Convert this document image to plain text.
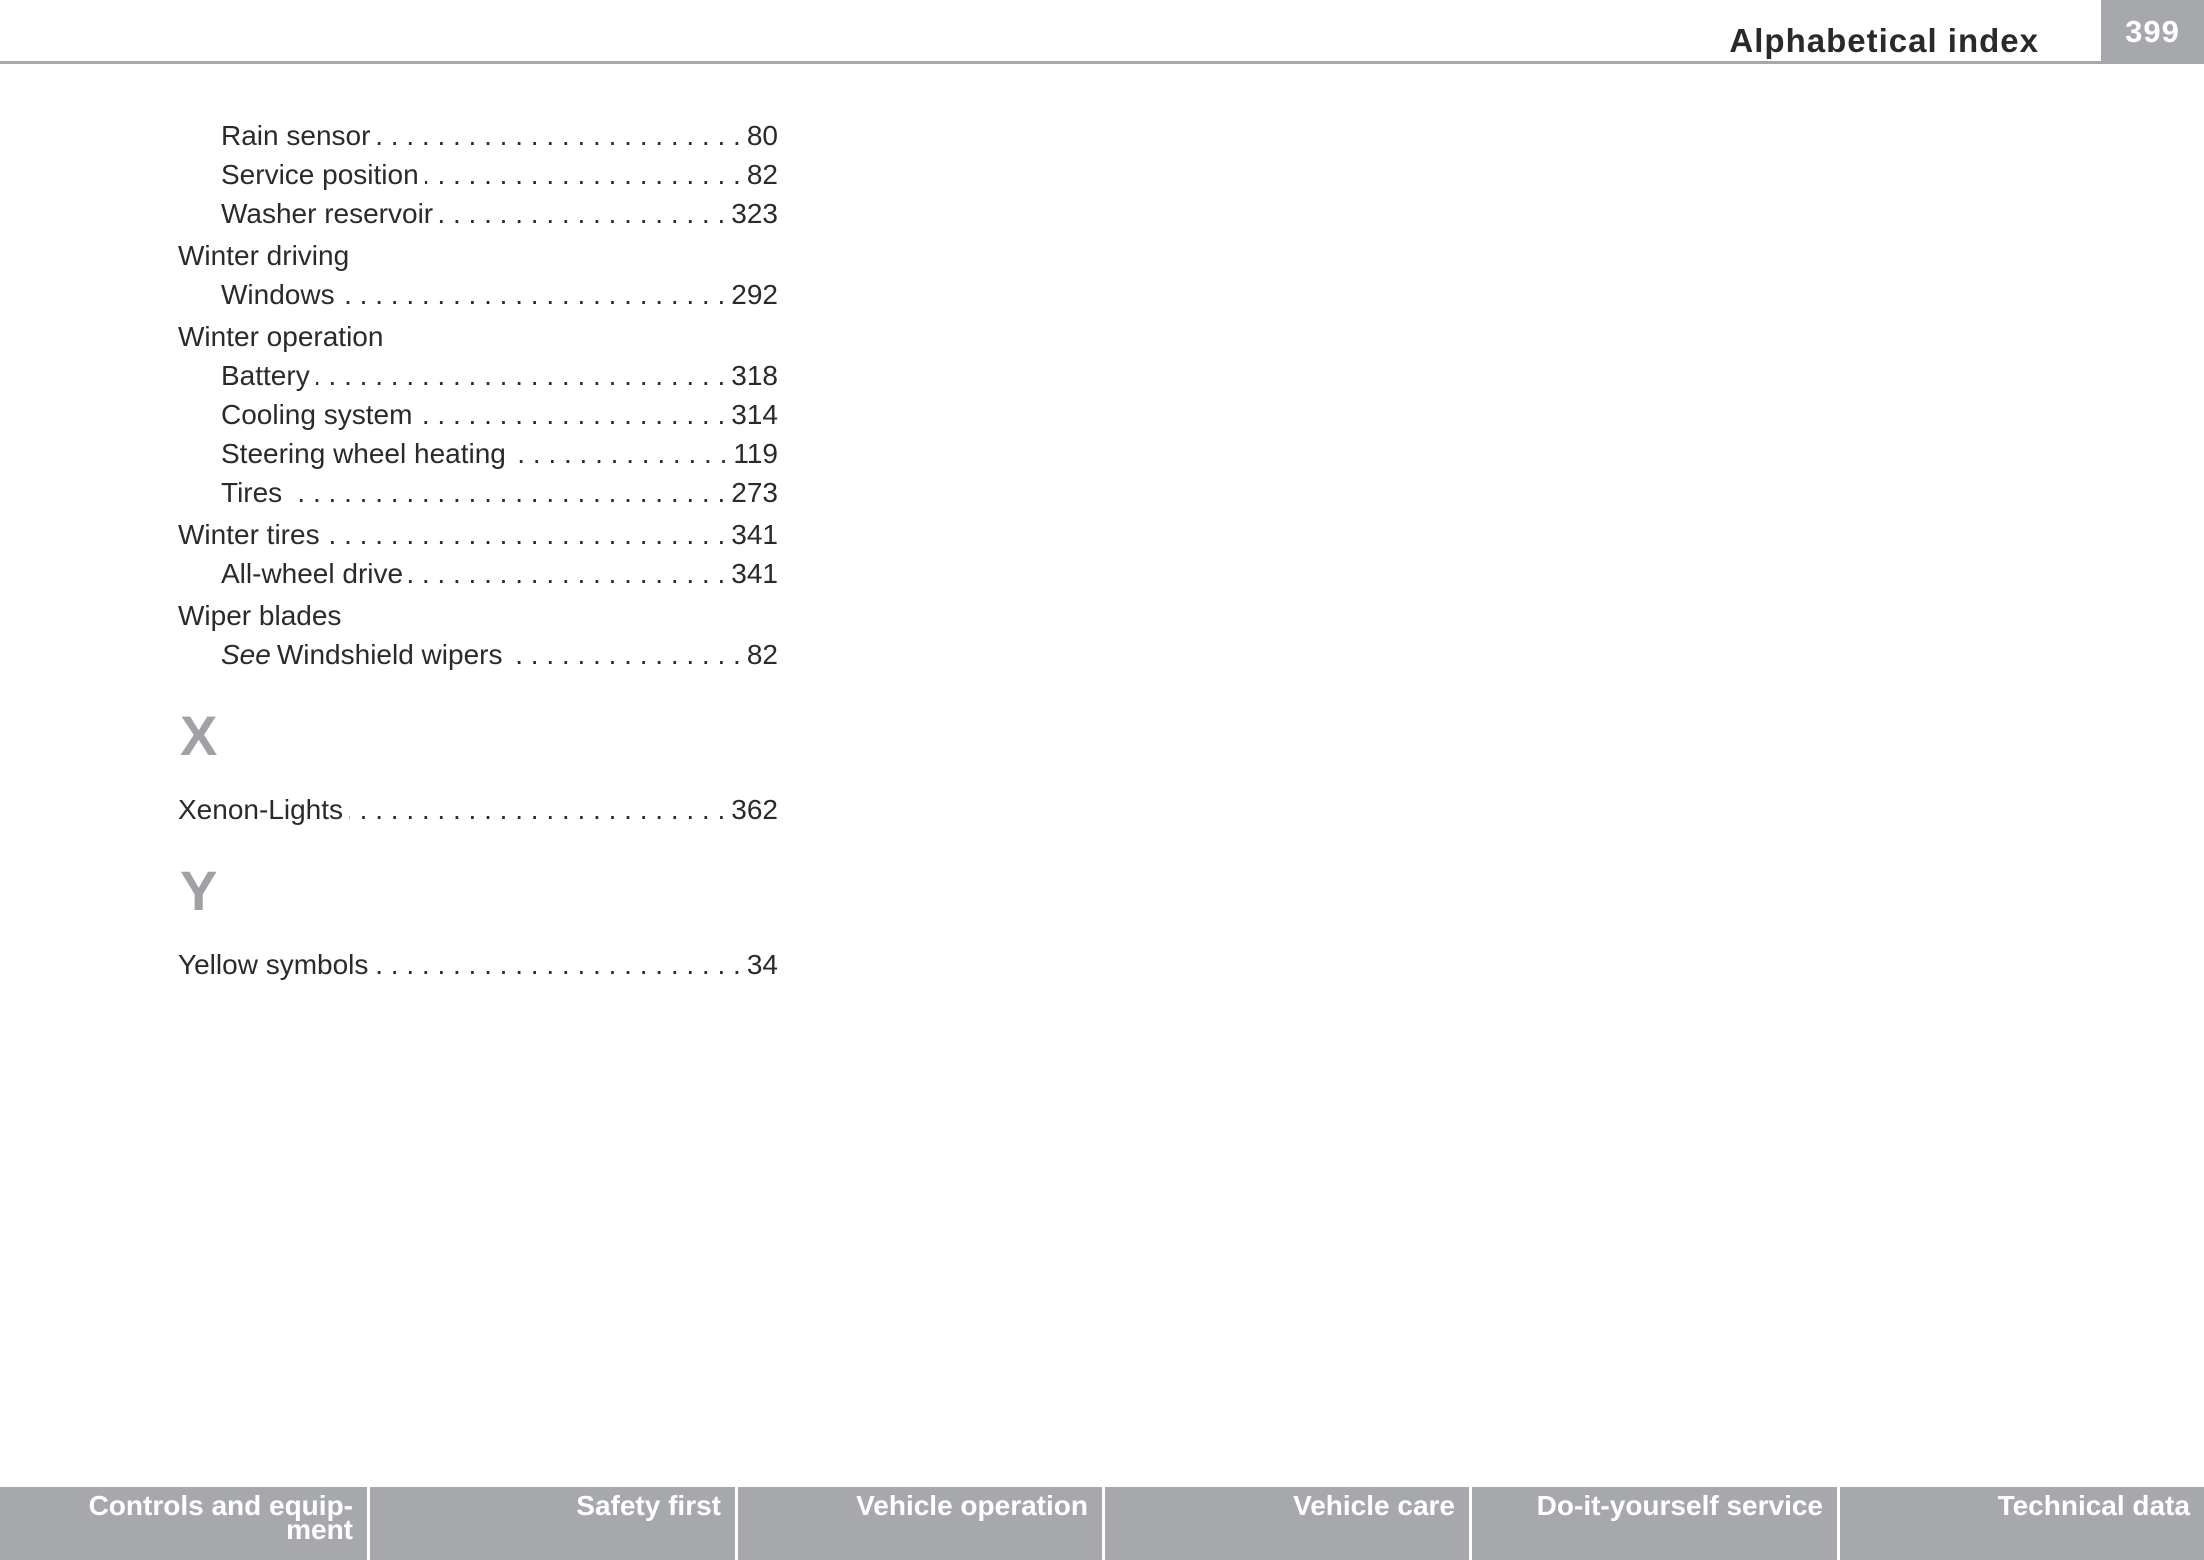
Alphabetical index	399
Rain sensor . . .	80
Service position . . .	82
Washer reservoir . . .	323
Winter driving
Windows . . .	292
Winter operation
Battery . . .	318
Cooling system . . .	314
Steering wheel heating . . .	119
Tires . . .	273
Winter tires . . .	341
All-wheel drive . . .	341
Wiper blades
See Windshield wipers . . .	82
X
Xenon-Lights . . .	362
Y
Yellow symbols . . .	34
Controls and equip-
ment
Safety first	Vehicle operation	Vehicle care	Do-it-yourself service	Technical data
